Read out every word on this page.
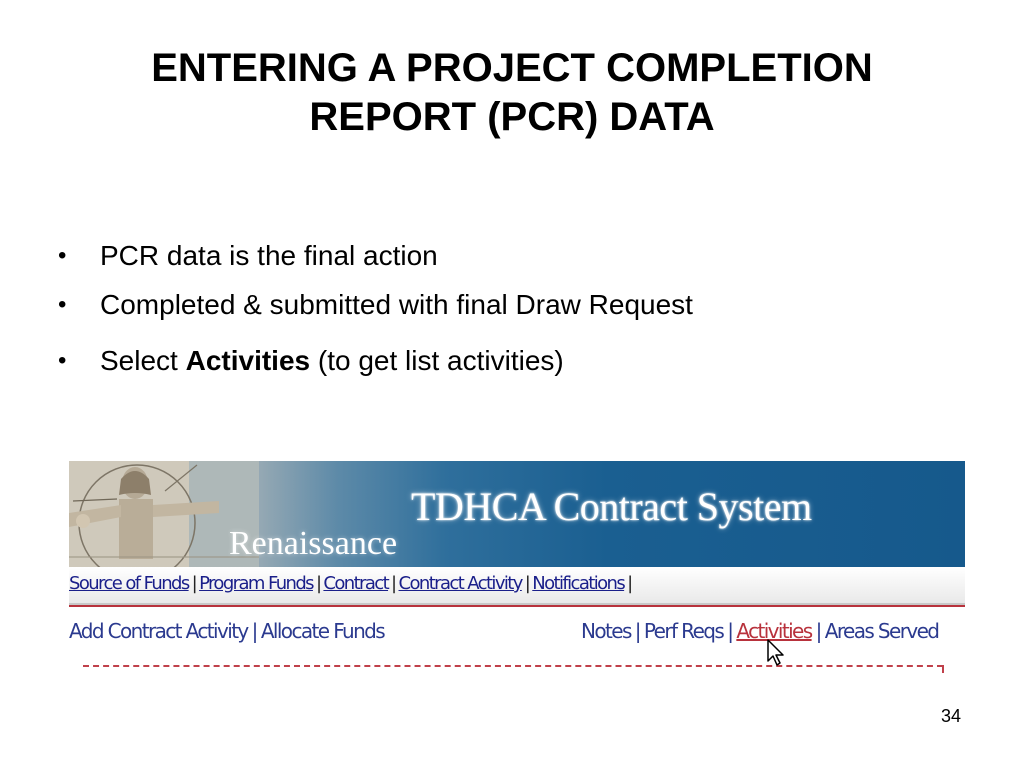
ENTERING A PROJECT COMPLETION
REPORT (PCR) DATA
• PCR data is the final action
• Completed & submitted with final Draw Request
• Select Activities (to get list activities)
TDHCA Contract System
Renaissance
Source of Funds | Program Funds | Contract | Contract Activity | Notifications |
Add Contract Activity | Allocate Funds	Notes | Perf Reqs | Activities | Areas Served
34
